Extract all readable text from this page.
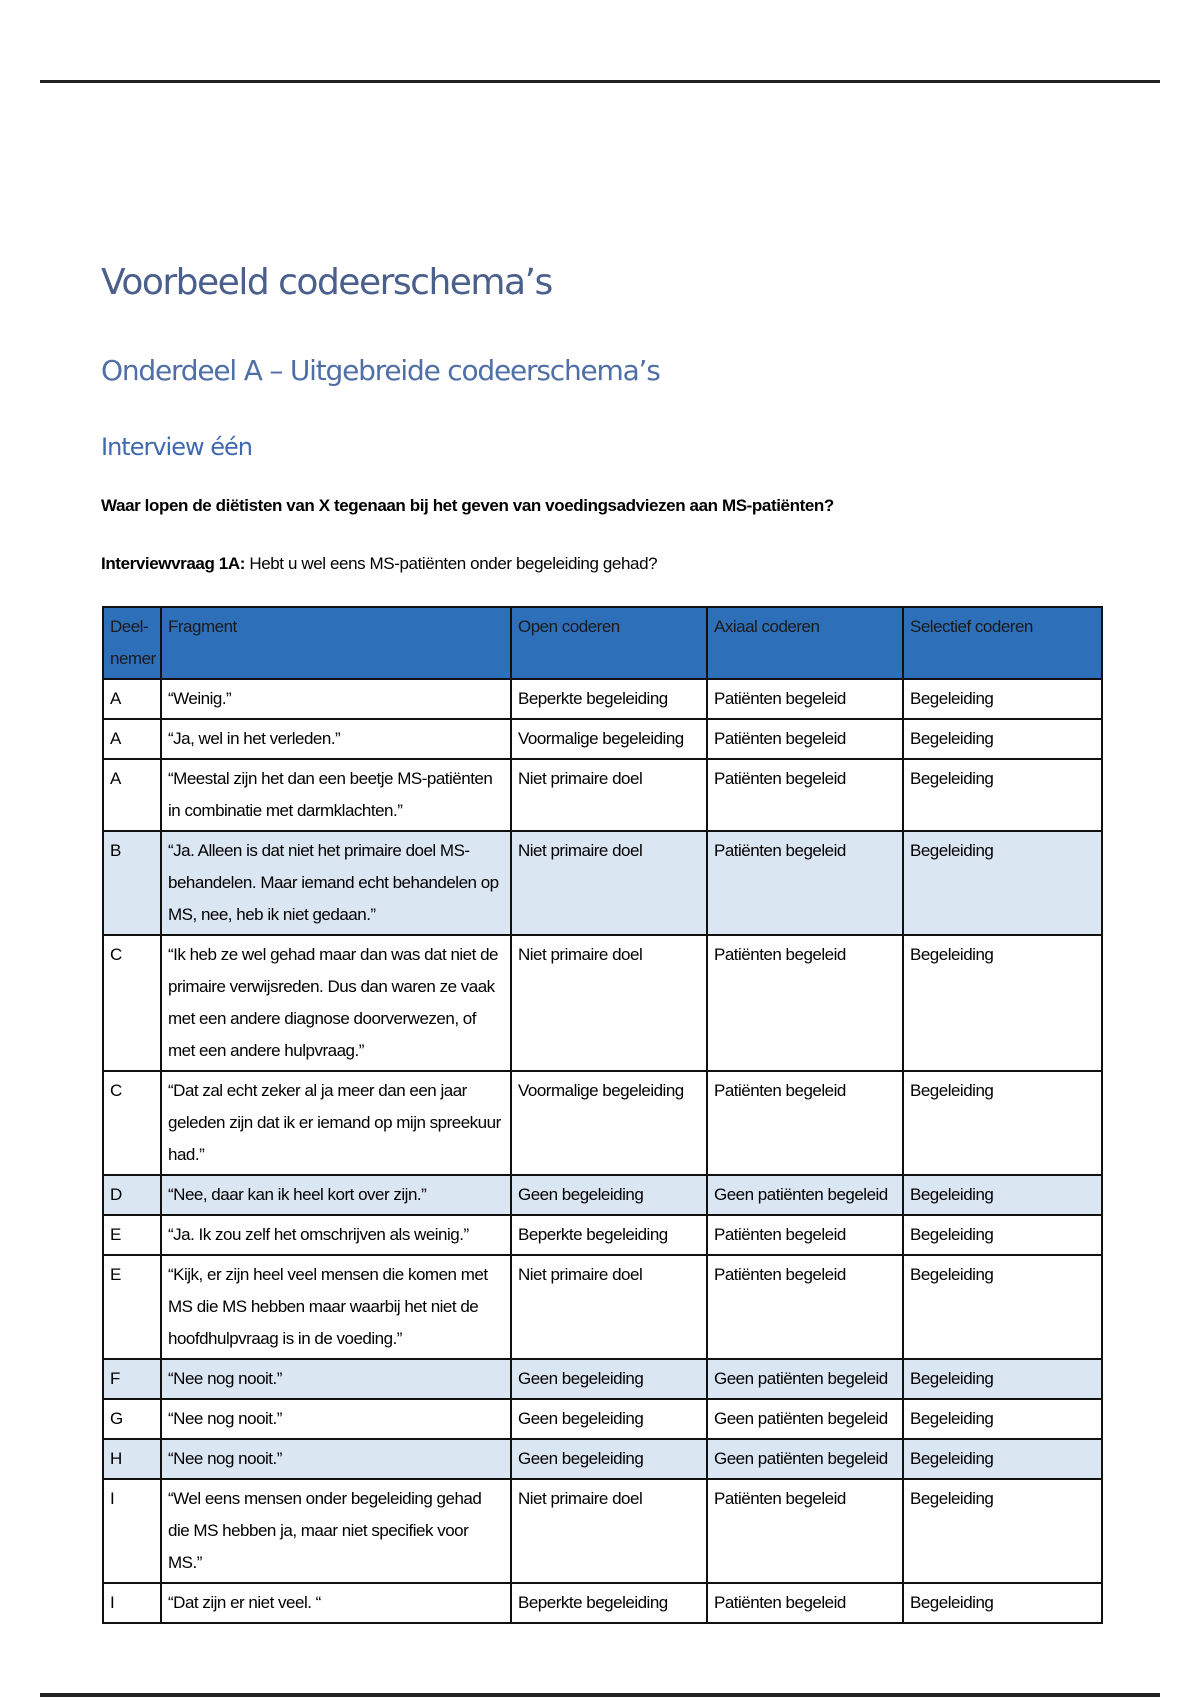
Voorbeeld codeerschema’s
Onderdeel A – Uitgebreide codeerschema’s
Interview één

Waar lopen de diëtisten van X tegenaan bij het geven van voedingsadviezen aan MS-patiënten?

Interviewvraag 1A: Hebt u wel eens MS-patiënten onder begeleiding gehad?

Deel-
nemer	Fragment	Open coderen	Axiaal coderen	Selectief coderen
A	“Weinig.”	Beperkte begeleiding	Patiënten begeleid	Begeleiding
A	“Ja, wel in het verleden.”	Voormalige begeleiding	Patiënten begeleid	Begeleiding
A	“Meestal zijn het dan een beetje MS-patiënten in combinatie met darmklachten.”	Niet primaire doel	Patiënten begeleid	Begeleiding
B	“Ja. Alleen is dat niet het primaire doel MS-behandelen. Maar iemand echt behandelen op MS, nee, heb ik niet gedaan.”	Niet primaire doel	Patiënten begeleid	Begeleiding
C	“Ik heb ze wel gehad maar dan was dat niet de primaire verwijsreden. Dus dan waren ze vaak met een andere diagnose doorverwezen, of met een andere hulpvraag.”	Niet primaire doel	Patiënten begeleid	Begeleiding
C	“Dat zal echt zeker al ja meer dan een jaar geleden zijn dat ik er iemand op mijn spreekuur had.”	Voormalige begeleiding	Patiënten begeleid	Begeleiding
D	“Nee, daar kan ik heel kort over zijn.”	Geen begeleiding	Geen patiënten begeleid	Begeleiding
E	“Ja. Ik zou zelf het omschrijven als weinig.”	Beperkte begeleiding	Patiënten begeleid	Begeleiding
E	“Kijk, er zijn heel veel mensen die komen met MS die MS hebben maar waarbij het niet de hoofdhulpvraag is in de voeding.”	Niet primaire doel	Patiënten begeleid	Begeleiding
F	“Nee nog nooit.”	Geen begeleiding	Geen patiënten begeleid	Begeleiding
G	“Nee nog nooit.”	Geen begeleiding	Geen patiënten begeleid	Begeleiding
H	“Nee nog nooit.”	Geen begeleiding	Geen patiënten begeleid	Begeleiding
I	“Wel eens mensen onder begeleiding gehad die MS hebben ja, maar niet specifiek voor MS.”	Niet primaire doel	Patiënten begeleid	Begeleiding
I	“Dat zijn er niet veel. “	Beperkte begeleiding	Patiënten begeleid	Begeleiding
